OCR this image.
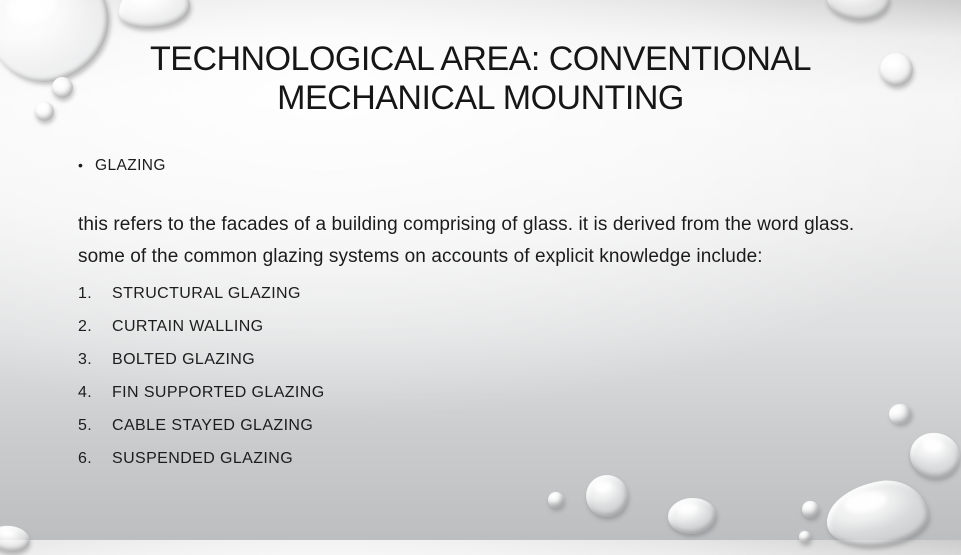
TECHNOLOGICAL AREA: CONVENTIONAL MECHANICAL MOUNTING
• GLAZING

this refers to the facades of a building comprising of glass. it is derived from the word glass. some of the common glazing systems on accounts of explicit knowledge include:

1. STRUCTURAL GLAZING
2. CURTAIN WALLING
3. BOLTED GLAZING
4. FIN SUPPORTED GLAZING
5. CABLE STAYED GLAZING
6. SUSPENDED GLAZING
